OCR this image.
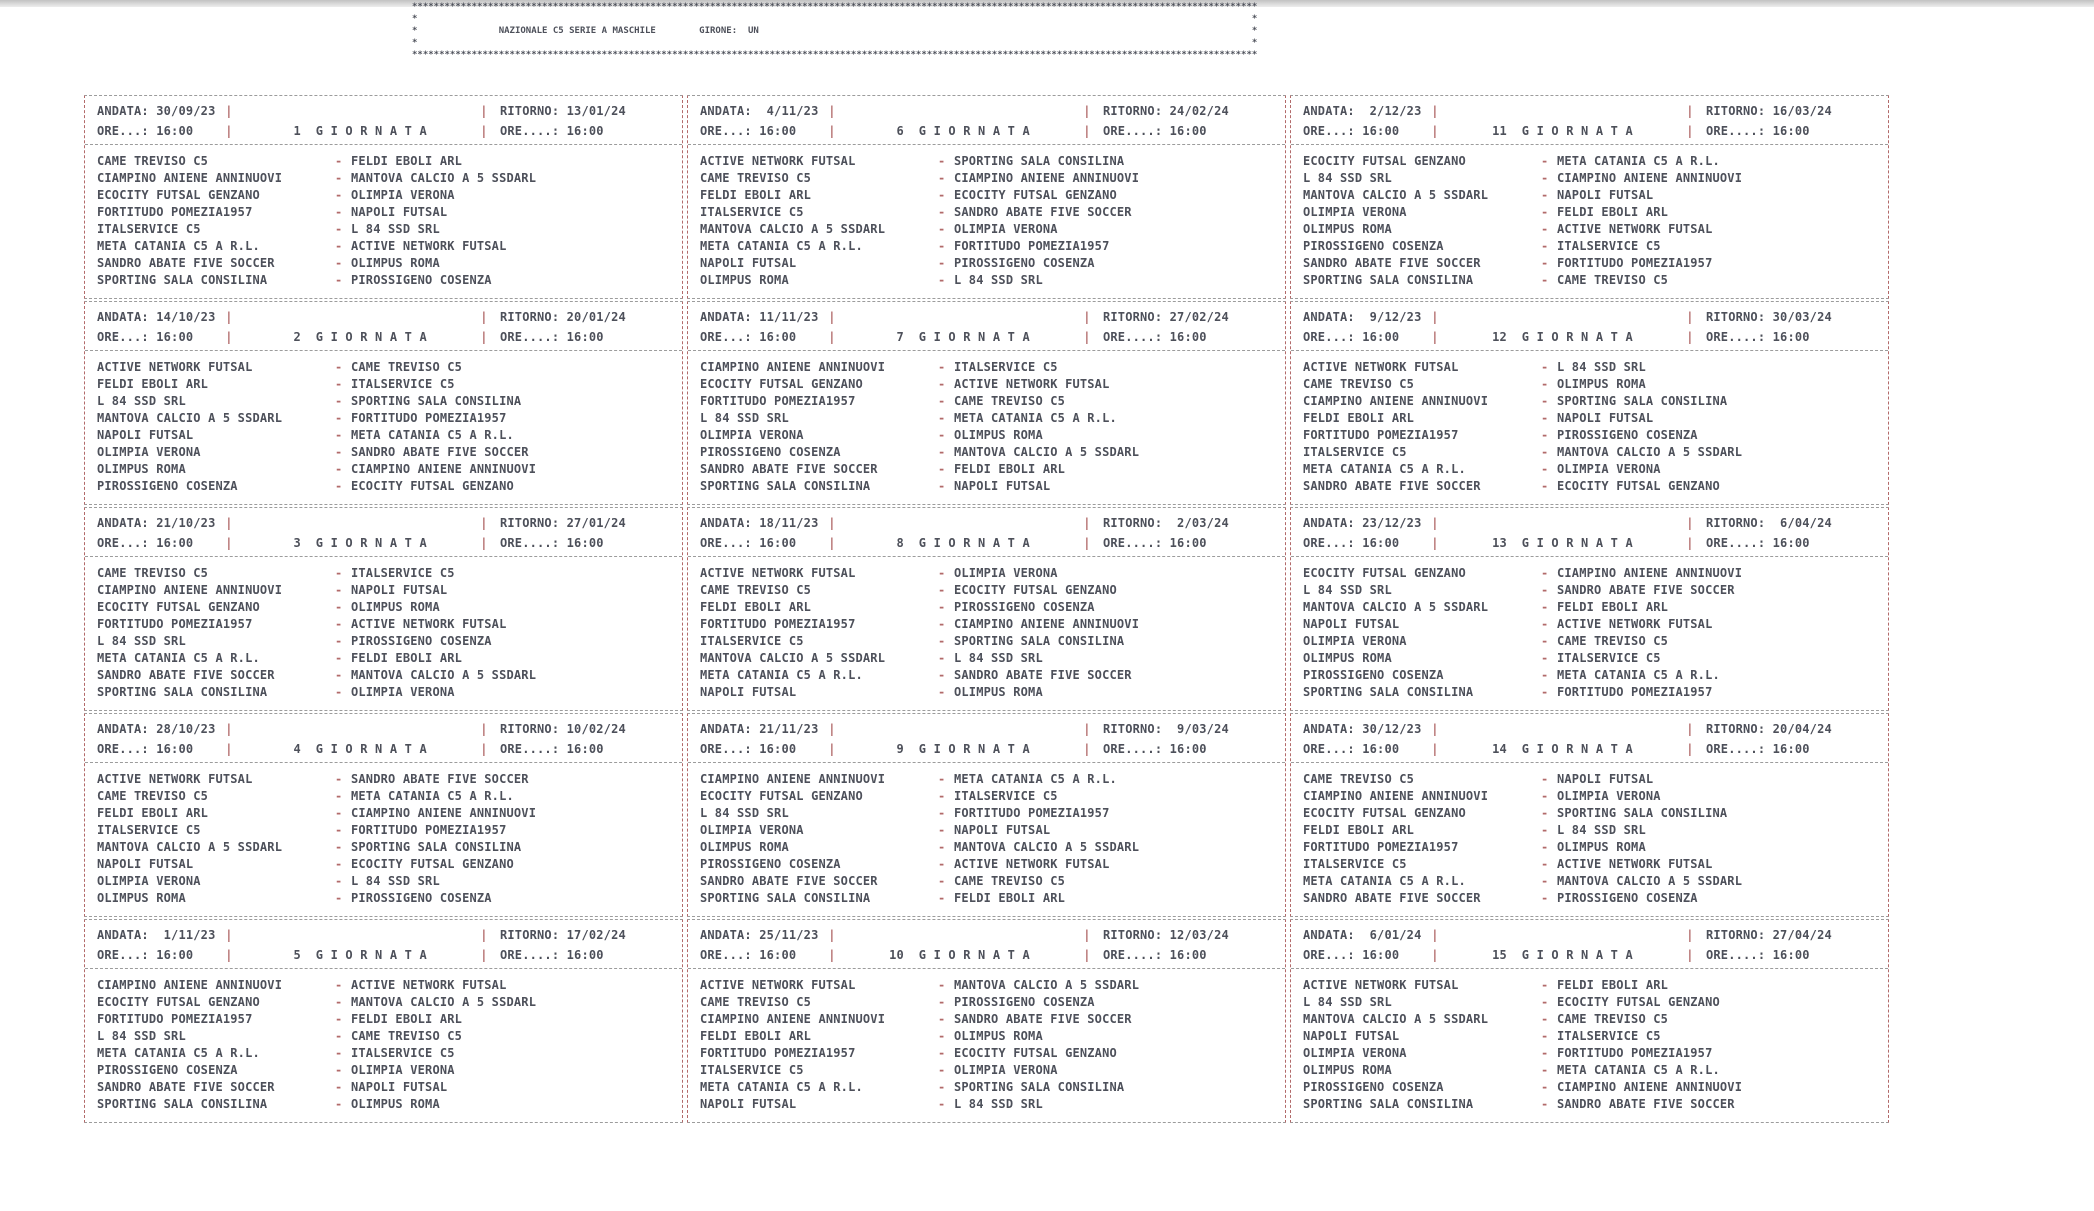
************************************************************************************************************************************************************
*                                                                                                                                                          *
*               NAZIONALE C5 SERIE A MASCHILE        GIRONE:  UN                                                                                           *
*                                                                                                                                                          *
************************************************************************************************************************************************************
ANDATA: 30/09/23 |	|	RITORNO: 13/01/24
ORE...: 16:00	|	1  G I O R N A T A	|	ORE....: 16:00
CAME TREVISO C5	- FELDI EBOLI ARL
CIAMPINO ANIENE ANNINUOVI	- MANTOVA CALCIO A 5 SSDARL
ECOCITY FUTSAL GENZANO	- OLIMPIA VERONA
FORTITUDO POMEZIA1957	- NAPOLI FUTSAL
ITALSERVICE C5	- L 84 SSD SRL
META CATANIA C5 A R.L.	- ACTIVE NETWORK FUTSAL
SANDRO ABATE FIVE SOCCER	- OLIMPUS ROMA
SPORTING SALA CONSILINA	- PIROSSIGENO COSENZA
ANDATA: 14/10/23 |	|	RITORNO: 20/01/24
ORE...: 16:00	|	2  G I O R N A T A	|	ORE....: 16:00
ACTIVE NETWORK FUTSAL	- CAME TREVISO C5
FELDI EBOLI ARL	- ITALSERVICE C5
L 84 SSD SRL	- SPORTING SALA CONSILINA
MANTOVA CALCIO A 5 SSDARL	- FORTITUDO POMEZIA1957
NAPOLI FUTSAL	- META CATANIA C5 A R.L.
OLIMPIA VERONA	- SANDRO ABATE FIVE SOCCER
OLIMPUS ROMA	- CIAMPINO ANIENE ANNINUOVI
PIROSSIGENO COSENZA	- ECOCITY FUTSAL GENZANO
ANDATA: 21/10/23 |	|	RITORNO: 27/01/24
ORE...: 16:00	|	3  G I O R N A T A	|	ORE....: 16:00
CAME TREVISO C5	- ITALSERVICE C5
CIAMPINO ANIENE ANNINUOVI	- NAPOLI FUTSAL
ECOCITY FUTSAL GENZANO	- OLIMPUS ROMA
FORTITUDO POMEZIA1957	- ACTIVE NETWORK FUTSAL
L 84 SSD SRL	- PIROSSIGENO COSENZA
META CATANIA C5 A R.L.	- FELDI EBOLI ARL
SANDRO ABATE FIVE SOCCER	- MANTOVA CALCIO A 5 SSDARL
SPORTING SALA CONSILINA	- OLIMPIA VERONA
ANDATA: 28/10/23 |	|	RITORNO: 10/02/24
ORE...: 16:00	|	4  G I O R N A T A	|	ORE....: 16:00
ACTIVE NETWORK FUTSAL	- SANDRO ABATE FIVE SOCCER
CAME TREVISO C5	- META CATANIA C5 A R.L.
FELDI EBOLI ARL	- CIAMPINO ANIENE ANNINUOVI
ITALSERVICE C5	- FORTITUDO POMEZIA1957
MANTOVA CALCIO A 5 SSDARL	- SPORTING SALA CONSILINA
NAPOLI FUTSAL	- ECOCITY FUTSAL GENZANO
OLIMPIA VERONA	- L 84 SSD SRL
OLIMPUS ROMA	- PIROSSIGENO COSENZA
ANDATA:  1/11/23 |	|	RITORNO: 17/02/24
ORE...: 16:00	|	5  G I O R N A T A	|	ORE....: 16:00
CIAMPINO ANIENE ANNINUOVI	- ACTIVE NETWORK FUTSAL
ECOCITY FUTSAL GENZANO	- MANTOVA CALCIO A 5 SSDARL
FORTITUDO POMEZIA1957	- FELDI EBOLI ARL
L 84 SSD SRL	- CAME TREVISO C5
META CATANIA C5 A R.L.	- ITALSERVICE C5
PIROSSIGENO COSENZA	- OLIMPIA VERONA
SANDRO ABATE FIVE SOCCER	- NAPOLI FUTSAL
SPORTING SALA CONSILINA	- OLIMPUS ROMA
ANDATA:  4/11/23 |	|	RITORNO: 24/02/24
ORE...: 16:00	|	6  G I O R N A T A	|	ORE....: 16:00
ACTIVE NETWORK FUTSAL	- SPORTING SALA CONSILINA
CAME TREVISO C5	- CIAMPINO ANIENE ANNINUOVI
FELDI EBOLI ARL	- ECOCITY FUTSAL GENZANO
ITALSERVICE C5	- SANDRO ABATE FIVE SOCCER
MANTOVA CALCIO A 5 SSDARL	- OLIMPIA VERONA
META CATANIA C5 A R.L.	- FORTITUDO POMEZIA1957
NAPOLI FUTSAL	- PIROSSIGENO COSENZA
OLIMPUS ROMA	- L 84 SSD SRL
ANDATA: 11/11/23 |	|	RITORNO: 27/02/24
ORE...: 16:00	|	7  G I O R N A T A	|	ORE....: 16:00
CIAMPINO ANIENE ANNINUOVI	- ITALSERVICE C5
ECOCITY FUTSAL GENZANO	- ACTIVE NETWORK FUTSAL
FORTITUDO POMEZIA1957	- CAME TREVISO C5
L 84 SSD SRL	- META CATANIA C5 A R.L.
OLIMPIA VERONA	- OLIMPUS ROMA
PIROSSIGENO COSENZA	- MANTOVA CALCIO A 5 SSDARL
SANDRO ABATE FIVE SOCCER	- FELDI EBOLI ARL
SPORTING SALA CONSILINA	- NAPOLI FUTSAL
ANDATA: 18/11/23 |	|	RITORNO:  2/03/24
ORE...: 16:00	|	8  G I O R N A T A	|	ORE....: 16:00
ACTIVE NETWORK FUTSAL	- OLIMPIA VERONA
CAME TREVISO C5	- ECOCITY FUTSAL GENZANO
FELDI EBOLI ARL	- PIROSSIGENO COSENZA
FORTITUDO POMEZIA1957	- CIAMPINO ANIENE ANNINUOVI
ITALSERVICE C5	- SPORTING SALA CONSILINA
MANTOVA CALCIO A 5 SSDARL	- L 84 SSD SRL
META CATANIA C5 A R.L.	- SANDRO ABATE FIVE SOCCER
NAPOLI FUTSAL	- OLIMPUS ROMA
ANDATA: 21/11/23 |	|	RITORNO:  9/03/24
ORE...: 16:00	|	9  G I O R N A T A	|	ORE....: 16:00
CIAMPINO ANIENE ANNINUOVI	- META CATANIA C5 A R.L.
ECOCITY FUTSAL GENZANO	- ITALSERVICE C5
L 84 SSD SRL	- FORTITUDO POMEZIA1957
OLIMPIA VERONA	- NAPOLI FUTSAL
OLIMPUS ROMA	- MANTOVA CALCIO A 5 SSDARL
PIROSSIGENO COSENZA	- ACTIVE NETWORK FUTSAL
SANDRO ABATE FIVE SOCCER	- CAME TREVISO C5
SPORTING SALA CONSILINA	- FELDI EBOLI ARL
ANDATA: 25/11/23 |	|	RITORNO: 12/03/24
ORE...: 16:00	|	10  G I O R N A T A	|	ORE....: 16:00
ACTIVE NETWORK FUTSAL	- MANTOVA CALCIO A 5 SSDARL
CAME TREVISO C5	- PIROSSIGENO COSENZA
CIAMPINO ANIENE ANNINUOVI	- SANDRO ABATE FIVE SOCCER
FELDI EBOLI ARL	- OLIMPUS ROMA
FORTITUDO POMEZIA1957	- ECOCITY FUTSAL GENZANO
ITALSERVICE C5	- OLIMPIA VERONA
META CATANIA C5 A R.L.	- SPORTING SALA CONSILINA
NAPOLI FUTSAL	- L 84 SSD SRL
ANDATA:  2/12/23 |	|	RITORNO: 16/03/24
ORE...: 16:00	|	11  G I O R N A T A	|	ORE....: 16:00
ECOCITY FUTSAL GENZANO	- META CATANIA C5 A R.L.
L 84 SSD SRL	- CIAMPINO ANIENE ANNINUOVI
MANTOVA CALCIO A 5 SSDARL	- NAPOLI FUTSAL
OLIMPIA VERONA	- FELDI EBOLI ARL
OLIMPUS ROMA	- ACTIVE NETWORK FUTSAL
PIROSSIGENO COSENZA	- ITALSERVICE C5
SANDRO ABATE FIVE SOCCER	- FORTITUDO POMEZIA1957
SPORTING SALA CONSILINA	- CAME TREVISO C5
ANDATA:  9/12/23 |	|	RITORNO: 30/03/24
ORE...: 16:00	|	12  G I O R N A T A	|	ORE....: 16:00
ACTIVE NETWORK FUTSAL	- L 84 SSD SRL
CAME TREVISO C5	- OLIMPUS ROMA
CIAMPINO ANIENE ANNINUOVI	- SPORTING SALA CONSILINA
FELDI EBOLI ARL	- NAPOLI FUTSAL
FORTITUDO POMEZIA1957	- PIROSSIGENO COSENZA
ITALSERVICE C5	- MANTOVA CALCIO A 5 SSDARL
META CATANIA C5 A R.L.	- OLIMPIA VERONA
SANDRO ABATE FIVE SOCCER	- ECOCITY FUTSAL GENZANO
ANDATA: 23/12/23 |	|	RITORNO:  6/04/24
ORE...: 16:00	|	13  G I O R N A T A	|	ORE....: 16:00
ECOCITY FUTSAL GENZANO	- CIAMPINO ANIENE ANNINUOVI
L 84 SSD SRL	- SANDRO ABATE FIVE SOCCER
MANTOVA CALCIO A 5 SSDARL	- FELDI EBOLI ARL
NAPOLI FUTSAL	- ACTIVE NETWORK FUTSAL
OLIMPIA VERONA	- CAME TREVISO C5
OLIMPUS ROMA	- ITALSERVICE C5
PIROSSIGENO COSENZA	- META CATANIA C5 A R.L.
SPORTING SALA CONSILINA	- FORTITUDO POMEZIA1957
ANDATA: 30/12/23 |	|	RITORNO: 20/04/24
ORE...: 16:00	|	14  G I O R N A T A	|	ORE....: 16:00
CAME TREVISO C5	- NAPOLI FUTSAL
CIAMPINO ANIENE ANNINUOVI	- OLIMPIA VERONA
ECOCITY FUTSAL GENZANO	- SPORTING SALA CONSILINA
FELDI EBOLI ARL	- L 84 SSD SRL
FORTITUDO POMEZIA1957	- OLIMPUS ROMA
ITALSERVICE C5	- ACTIVE NETWORK FUTSAL
META CATANIA C5 A R.L.	- MANTOVA CALCIO A 5 SSDARL
SANDRO ABATE FIVE SOCCER	- PIROSSIGENO COSENZA
ANDATA:  6/01/24 |	|	RITORNO: 27/04/24
ORE...: 16:00	|	15  G I O R N A T A	|	ORE....: 16:00
ACTIVE NETWORK FUTSAL	- FELDI EBOLI ARL
L 84 SSD SRL	- ECOCITY FUTSAL GENZANO
MANTOVA CALCIO A 5 SSDARL	- CAME TREVISO C5
NAPOLI FUTSAL	- ITALSERVICE C5
OLIMPIA VERONA	- FORTITUDO POMEZIA1957
OLIMPUS ROMA	- META CATANIA C5 A R.L.
PIROSSIGENO COSENZA	- CIAMPINO ANIENE ANNINUOVI
SPORTING SALA CONSILINA	- SANDRO ABATE FIVE SOCCER
